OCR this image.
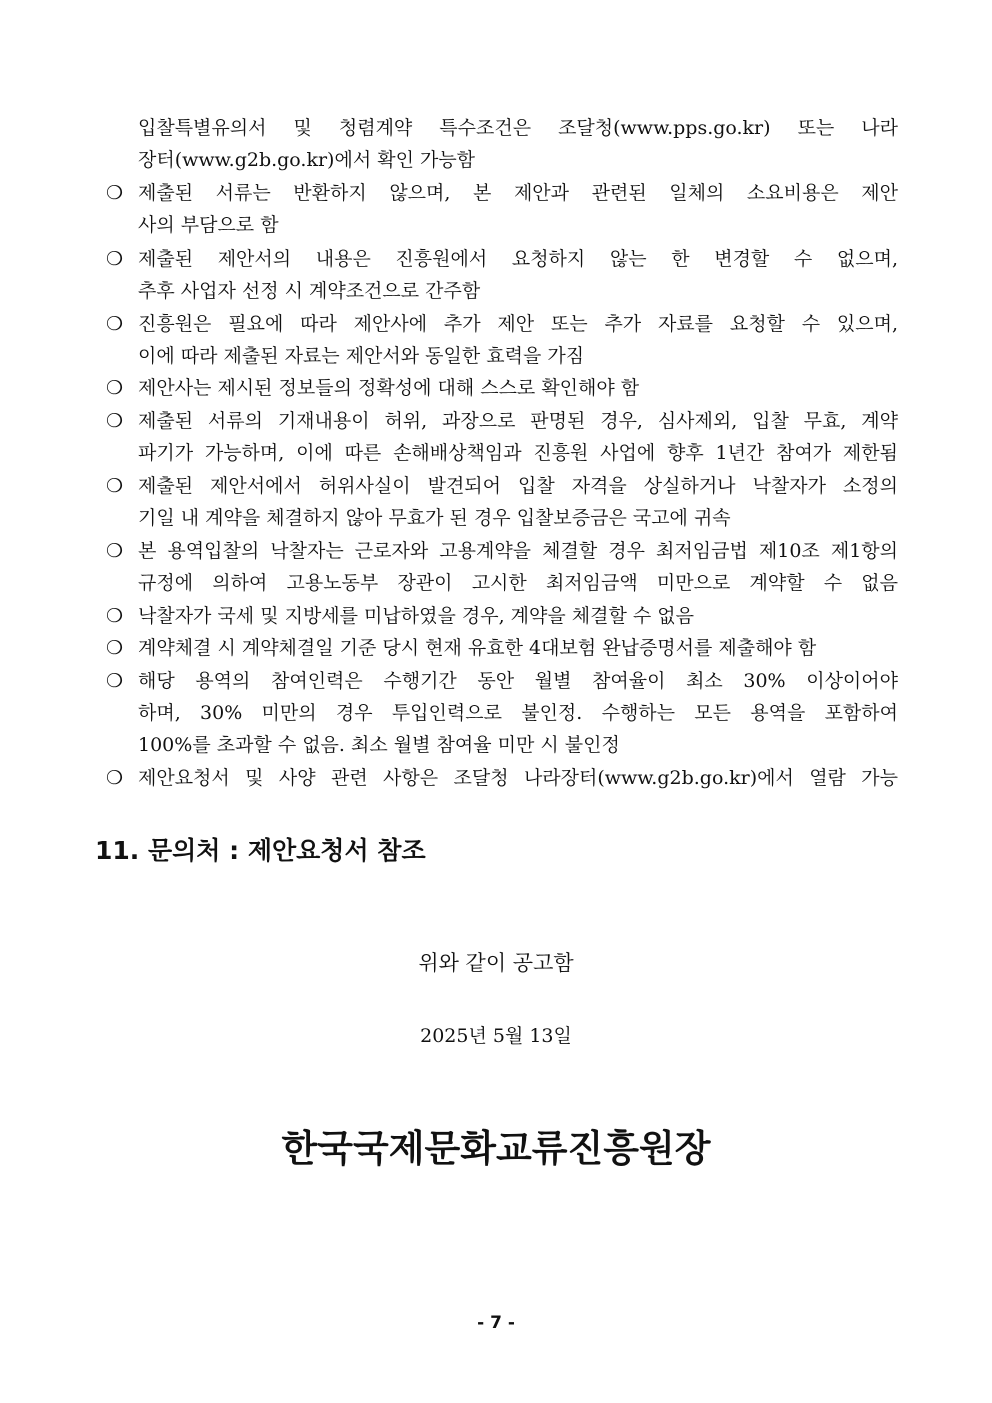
입찰특별유의서 및 청렴계약 특수조건은 조달청(www.pps.go.kr) 또는 나라
장터(www.g2b.go.kr)에서 확인 가능함
❍ 제출된 서류는 반환하지 않으며, 본 제안과 관련된 일체의 소요비용은 제안
사의 부담으로 함
❍ 제출된 제안서의 내용은 진흥원에서 요청하지 않는 한 변경할 수 없으며,
추후 사업자 선정 시 계약조건으로 간주함
❍ 진흥원은 필요에 따라 제안사에 추가 제안 또는 추가 자료를 요청할 수 있으며,
이에 따라 제출된 자료는 제안서와 동일한 효력을 가짐
❍ 제안사는 제시된 정보들의 정확성에 대해 스스로 확인해야 함
❍ 제출된 서류의 기재내용이 허위, 과장으로 판명된 경우, 심사제외, 입찰 무효, 계약
파기가 가능하며, 이에 따른 손해배상책임과 진흥원 사업에 향후 1년간 참여가 제한됨
❍ 제출된 제안서에서 허위사실이 발견되어 입찰 자격을 상실하거나 낙찰자가 소정의
기일 내 계약을 체결하지 않아 무효가 된 경우 입찰보증금은 국고에 귀속
❍ 본 용역입찰의 낙찰자는 근로자와 고용계약을 체결할 경우 최저임금법 제10조 제1항의
규정에 의하여 고용노동부 장관이 고시한 최저임금액 미만으로 계약할 수 없음
❍ 낙찰자가 국세 및 지방세를 미납하였을 경우, 계약을 체결할 수 없음
❍ 계약체결 시 계약체결일 기준 당시 현재 유효한 4대보험 완납증명서를 제출해야 함
❍ 해당 용역의 참여인력은 수행기간 동안 월별 참여율이 최소 30% 이상이어야
하며, 30% 미만의 경우 투입인력으로 불인정. 수행하는 모든 용역을 포함하여
100%를 초과할 수 없음. 최소 월별 참여율 미만 시 불인정
❍ 제안요청서 및 사양 관련 사항은 조달청 나라장터(www.g2b.go.kr)에서 열람 가능
11. 문의처 : 제안요청서 참조
위와 같이 공고함
2025년 5월 13일
한국국제문화교류진흥원장
- 7 -
